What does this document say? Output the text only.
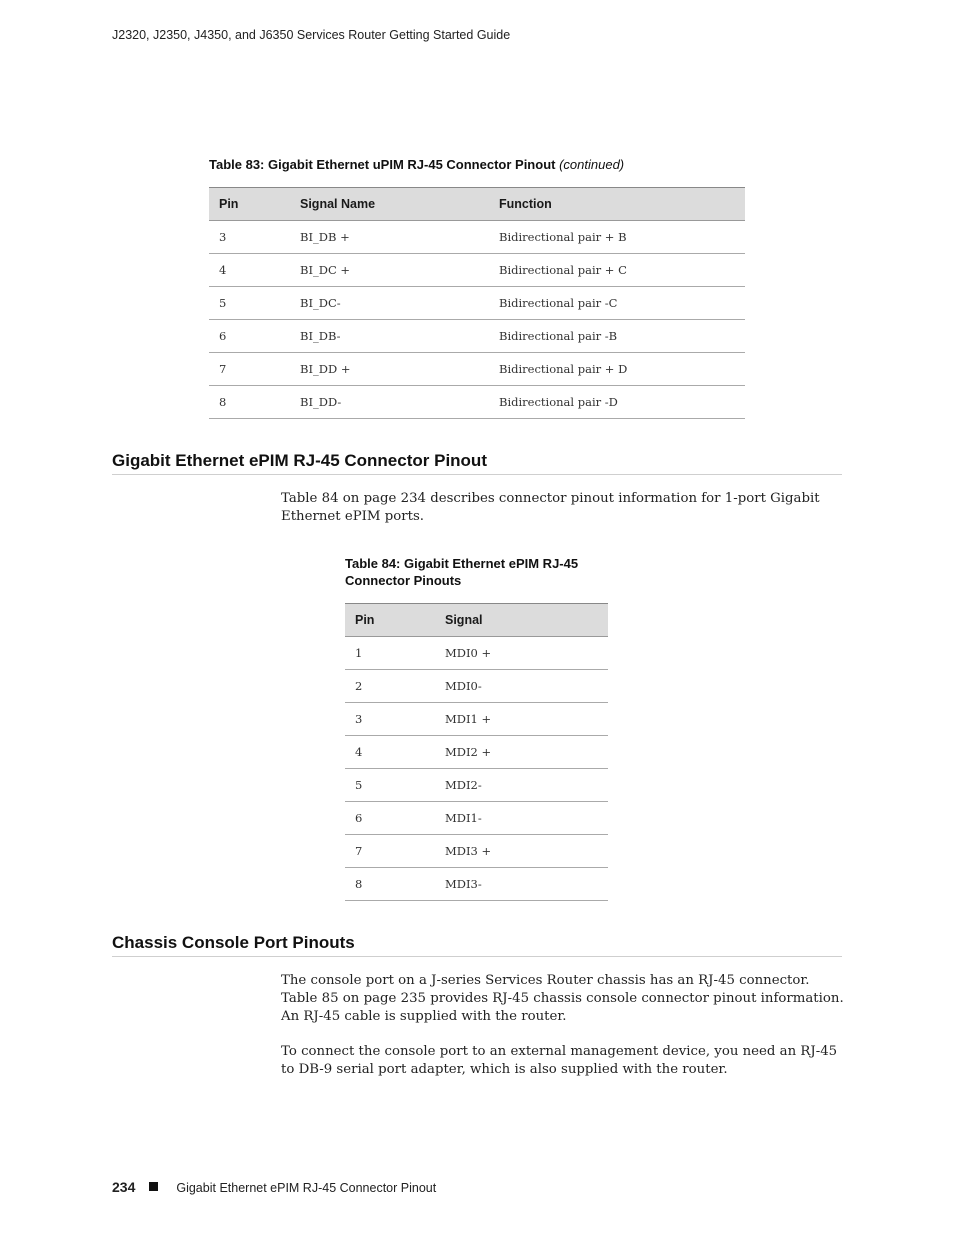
J2320, J2350, J4350, and J6350 Services Router Getting Started Guide
Table 83: Gigabit Ethernet uPIM RJ-45 Connector Pinout (continued)
Pin	Signal Name	Function
3	BI_DB +	Bidirectional pair + B
4	BI_DC +	Bidirectional pair + C
5	BI_DC-	Bidirectional pair -C
6	BI_DB-	Bidirectional pair -B
7	BI_DD +	Bidirectional pair + D
8	BI_DD-	Bidirectional pair -D
Gigabit Ethernet ePIM RJ-45 Connector Pinout
Table 84 on page 234 describes connector pinout information for 1-port Gigabit Ethernet ePIM ports.
Table 84: Gigabit Ethernet ePIM RJ-45
Connector Pinouts
Pin	Signal
1	MDI0 +
2	MDI0-
3	MDI1 +
4	MDI2 +
5	MDI2-
6	MDI1-
7	MDI3 +
8	MDI3-
Chassis Console Port Pinouts
The console port on a J-series Services Router chassis has an RJ-45 connector. Table 85 on page 235 provides RJ-45 chassis console connector pinout information. An RJ-45 cable is supplied with the router.
To connect the console port to an external management device, you need an RJ-45 to DB-9 serial port adapter, which is also supplied with the router.
234	Gigabit Ethernet ePIM RJ-45 Connector Pinout
